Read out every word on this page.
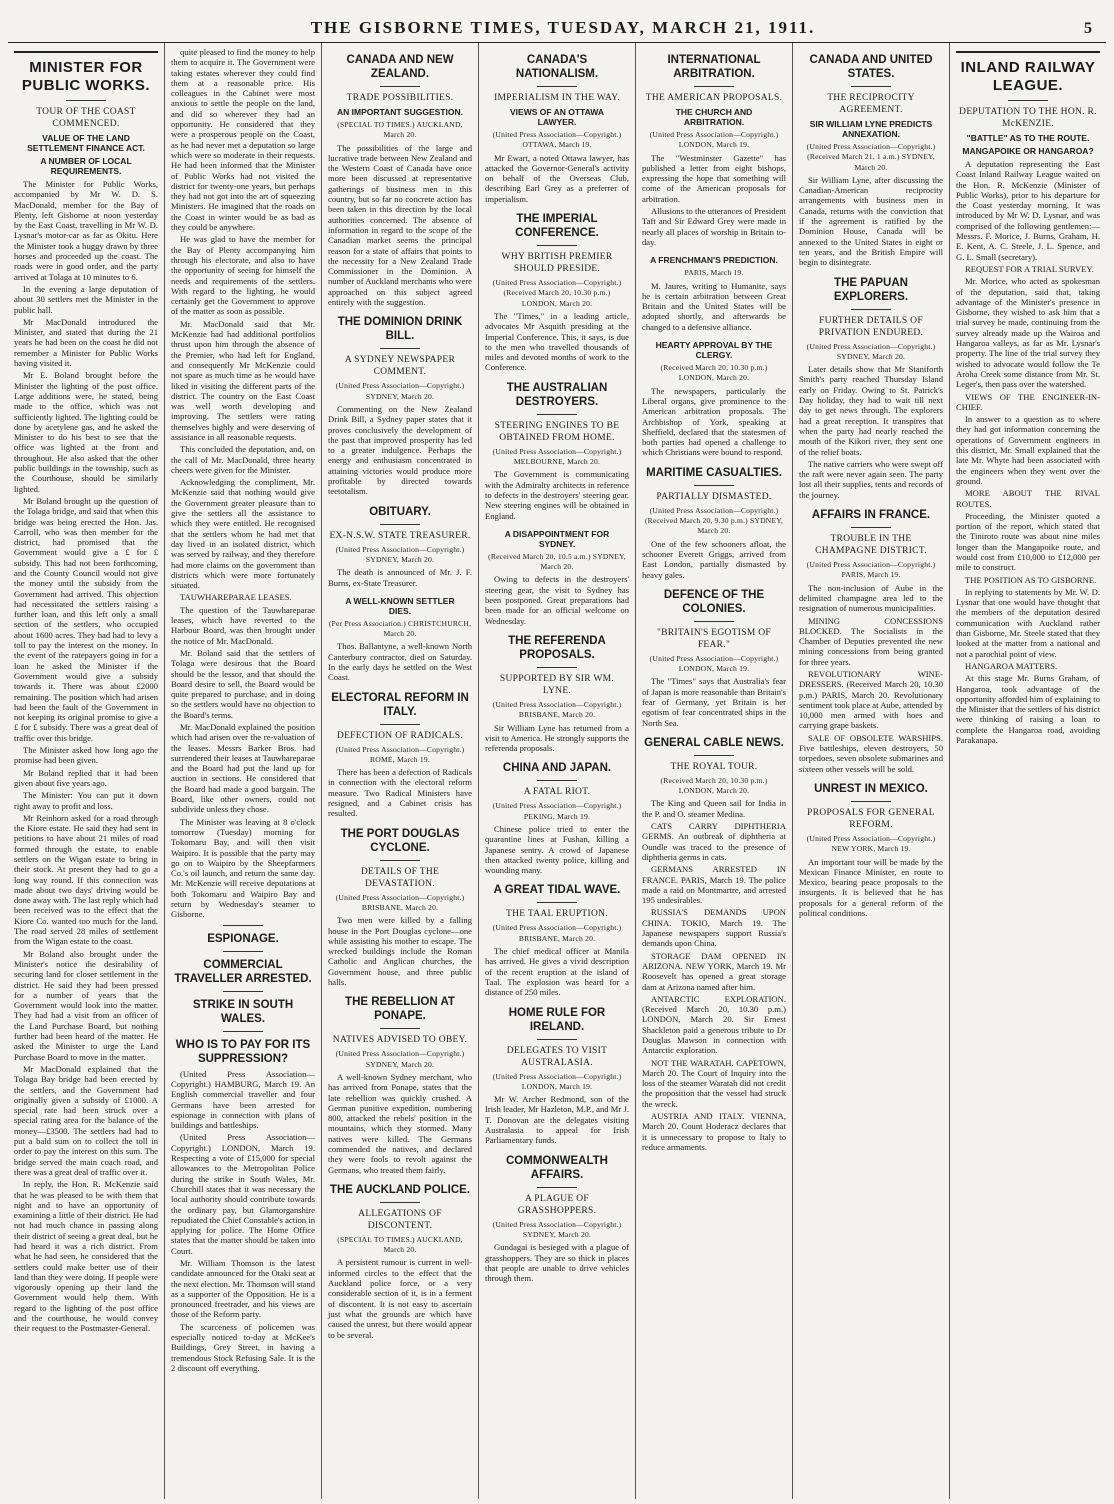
THE GISBORNE TIMES, TUESDAY, MARCH 21, 1911.	5
MINISTER FOR PUBLIC WORKS.
TOUR OF THE COAST COMMENCED.
VALUE OF THE LAND SETTLEMENT FINANCE ACT.
A NUMBER OF LOCAL REQUIREMENTS.

The Minister for Public Works, accompanied by Mr W. D. S. MacDonald, member for the Bay of Plenty, left Gisborne at noon yesterday by the East Coast, travelling in Mr W. D. Lysnar's motor-car as far as Okitu. Here the Minister took a buggy drawn by three horses and proceeded up the coast. The roads were in good order, and the party arrived at Tolaga at 10 minutes to 6.

In the evening a large deputation of about 30 settlers met the Minister in the public hall.

Mr MacDonald introduced the Minister, and stated that during the 21 years he had been on the coast he did not remember a Minister for Public Works having visited it.

Mr E. Boland brought before the Minister the lighting of the post office. Large additions were, he stated, being made to the office, which was not sufficiently lighted. The lighting could be done by acetylene gas, and he asked the Minister to do his best to see that the office was lighted at the front and throughout. He also asked that the other public buildings in the township, such as the Courthouse, should be similarly lighted.

Mr Boland brought up the question of the Tolaga bridge, and said that when this bridge was being erected the Hon. Jas. Carroll, who was then member for the district, had promised that the Government would give a £ for £ subsidy. This had not been forthcoming, and the County Council would not give the money until the subsidy from the Government had arrived. This objection had necessitated the settlers raising a further loan, and this left only a small section of the settlers, who occupied about 1600 acres. They had had to levy a toll to pay the interest on the money. In the event of the ratepayers going in for a loan he asked the Minister if the Government would give a subsidy towards it. There was about £2000 remaining. The position which had arisen had been the fault of the Government in not keeping its original promise to give a £ for £ subsidy. There was a great deal of traffic over this bridge.

The Minister asked how long ago the promise had been given.

Mr Boland replied that it had been given about five years ago.

The Minister: You can put it down right away to profit and loss.

Mr Reinhorn asked for a road through the Kiore estate. He said they had sent in petitions to have about 21 miles of road formed through the estate, to enable settlers on the Wigan estate to bring in their stock. At present they had to go a long way round. If this connection was made about two days' driving would be done away with. The last reply which had been received was to the effect that the Kiore Co. wanted too much for the land. The road served 28 miles of settlement from the Wigan estate to the coast.

Mr Boland also brought under the Minister's notice the desirability of securing land for closer settlement in the district. He said they had been pressed for a number of years that the Government would look into the matter. They had had a visit from an officer of the Land Purchase Board, but nothing further had been heard of the matter. He asked the Minister to urge the Land Purchase Board to move in the matter.

Mr MacDonald explained that the Tolaga Bay bridge had been erected by the settlers, and the Government had originally given a subsidy of £1000. A special rate had been struck over a special rating area for the balance of the money—£3500. The settlers had had to put a bald sum on to collect the toll in order to pay the interest on this sum. The bridge served the main coach road, and there was a great deal of traffic over it.

In reply, the Hon. R. McKenzie said that he was pleased to be with them that night and to have an opportunity of examining a little of their district. He had not had much chance in passing along their district of seeing a great deal, but he had heard it was a rich district. From what he had seen, he considered that the settlers could make better use of their land than they were doing. If people were vigorously opening up their land the Government would help them. With regard to the lighting of the post office and the courthouse, he would convey their request to the Postmaster-General.

quite pleased to find the money to help them to acquire it. The Government were taking estates wherever they could find them at a reasonable price. His colleagues in the Cabinet were most anxious to settle the people on the land, and did so wherever they had an opportunity. He considered that they were a prosperous people on the Coast, as he had never met a deputation so large which were so moderate in their requests. He had been informed that the Minister of Public Works had not visited the district for twenty-one years, but perhaps they had not got into the art of squeezing Ministers. He imagined that the roads on the Coast in winter would be as bad as they could be anywhere.

He was glad to have the member for the Bay of Plenty accompanying him through his electorate, and also to have the opportunity of seeing for himself the needs and requirements of the settlers. With regard to the lighting, he would certainly get the Government to approve of the matter as soon as possible.

Mr. MacDonald said that Mr. McKenzie had had additional portfolios thrust upon him through the absence of the Premier, who had left for England, and consequently Mr McKenzie could not spare as much time as he would have liked in visiting the different parts of the district. The country on the East Coast was well worth developing and improving. The settlers were rating themselves highly and were deserving of assistance in all reasonable requests.

This concluded the deputation, and, on the call of Mr. MacDonald, three hearty cheers were given for the Minister.

Acknowledging the compliment, Mr. McKenzie said that nothing would give the Government greater pleasure than to give the settlers all the assistance to which they were entitled. He recognised that the settlers whom he had met that day lived in an isolated district, which was served by railway, and they therefore had more claims on the government than districts which were more fortunately situated.

TAUWHAREPARAE LEASES.

The question of the Tauwhareparae leases, which have reverted to the Harbour Board, was then brought under the notice of Mr. MacDonald.

Mr. Boland said that the settlers of Tolaga were desirous that the Board should be the lessor, and that should the Board desire to sell, the Board would be quite prepared to purchase, and in doing so the settlers would have no objection to the Board's terms.

Mr. MacDonald explained the position which had arisen over the re-valuation of the leases. Messrs Barker Bros. had surrendered their leases at Tauwhareparae and the Board had put the land up for auction in sections. He considered that the Board had made a good bargain. The Board, like other owners, could not subdivide unless they chose.

The Minister was leaving at 8 o'clock tomorrow (Tuesday) morning for Tokomaru Bay, and will then visit Waipiro. It is possible that the party may go on to Waipiro by the Sheepfarmers Co.'s oil launch, and return the same day. Mr. McKenzie will receive deputations at both Tokomaru and Waipiro Bay and return by Wednesday's steamer to Gisborne.

ESPIONAGE.
COMMERCIAL TRAVELLER ARRESTED.
STRIKE IN SOUTH WALES.
WHO IS TO PAY FOR ITS SUPPRESSION?

(United Press Association—Copyright.) HAMBURG, March 19. An English commercial traveller and four Germans have been arrested for espionage in connection with plans of buildings and battleships.

(United Press Association—Copyright.) LONDON, March 19. Respecting a vote of £15,000 for special allowances to the Metropolitan Police during the strike in South Wales, Mr. Churchill states that it was necessary the local authority should contribute towards the ordinary pay, but Glamorganshire repudiated the Chief Constable's action in applying for police. The Home Office states that the matter should be taken into Court.

Mr. William Thomson is the latest candidate announced for the Otaki seat at the next election. Mr. Thomson will stand as a supporter of the Opposition. He is a pronounced freetrader, and his views are those of the Reform party.

The scarceness of policemen was especially noticed to-day at McKee's Buildings, Grey Street, in having a tremendous Stock Refusing Sale. It is the 2 discount off everything.

CANADA AND NEW ZEALAND.
TRADE POSSIBILITIES.
AN IMPORTANT SUGGESTION.
(SPECIAL TO TIMES.) AUCKLAND, March 20.

The possibilities of the large and lucrative trade between New Zealand and the Western Coast of Canada have once more been discussed at representative gatherings of business men in this country, but so far no concrete action has been taken in this direction by the local authorities concerned. The absence of information in regard to the scope of the Canadian market seems the principal reason for a state of affairs that points to the necessity for a New Zealand Trade Commissioner in the Dominion. A number of Auckland merchants who were approached on this subject agreed entirely with the suggestion.

THE DOMINION DRINK BILL.
A SYDNEY NEWSPAPER COMMENT.
(United Press Association—Copyright.) SYDNEY, March 20.

Commenting on the New Zealand Drink Bill, a Sydney paper states that it proves conclusively the development of the past that improved prosperity has led to a greater indulgence. Perhaps the energy and enthusiasm concentrated in attaining victories would produce more profitable by directed towards teetotalism.

OBITUARY.
EX-N.S.W. STATE TREASURER.
(United Press Association—Copyright.) SYDNEY, March 20.

The death is announced of Mr. J. F. Burns, ex-State Treasurer.

A WELL-KNOWN SETTLER DIES.
(Per Press Association.) CHRISTCHURCH, March 20.

Thos. Ballantyne, a well-known North Canterbury contractor, died on Saturday. In the early days he settled on the West Coast.

ELECTORAL REFORM IN ITALY.
DEFECTION OF RADICALS.
(United Press Association—Copyright.) ROME, March 19.

There has been a defection of Radicals in connection with the electoral reform measure. Two Radical Ministers have resigned, and a Cabinet crisis has resulted.

THE PORT DOUGLAS CYCLONE.
DETAILS OF THE DEVASTATION.
(United Press Association—Copyright.) BRISBANE, March 20.

Two men were killed by a falling house in the Port Douglas cyclone—one while assisting his mother to escape. The wrecked buildings include the Roman Catholic and Anglican churches, the Government house, and three public halls.

THE REBELLION AT PONAPE.
NATIVES ADVISED TO OBEY.
(United Press Association—Copyright.) SYDNEY, March 20.

A well-known Sydney merchant, who has arrived from Ponape, states that the late rebellion was quickly crushed. A German punitive expedition, numbering 800, attacked the rebels' position in the mountains, which they stormed. Many natives were killed. The Germans commended the natives, and declared they were fools to revolt against the Germans, who treated them fairly.

THE AUCKLAND POLICE.
ALLEGATIONS OF DISCONTENT.
(SPECIAL TO TIMES.) AUCKLAND, March 20.

A persistent rumour is current in well-informed circles to the effect that the Auckland police force, or a very considerable section of it, is in a ferment of discontent. It is not easy to ascertain just what the grounds are which have caused the unrest, but there would appear to be several.

CANADA'S NATIONALISM.
IMPERIALISM IN THE WAY.
VIEWS OF AN OTTAWA LAWYER.
(United Press Association—Copyright.) OTTAWA, March 19.

Mr Ewart, a noted Ottawa lawyer, has attacked the Governor-General's activity on behalf of the Overseas Club, describing Earl Grey as a preferrer of imperialism.

THE IMPERIAL CONFERENCE.
WHY BRITISH PREMIER SHOULD PRESIDE.
(United Press Association—Copyright.) (Received March 20, 10.30 p.m.) LONDON, March 20.

The "Times," in a leading article, advocates Mr Asquith presiding at the Imperial Conference. This, it says, is due to the men who travelled thousands of miles and devoted months of work to the Conference.

THE AUSTRALIAN DESTROYERS.
STEERING ENGINES TO BE OBTAINED FROM HOME.
(United Press Association—Copyright.) MELBOURNE, March 20.

The Government is communicating with the Admiralty architects in reference to defects in the destroyers' steering gear. New steering engines will be obtained in England.

A DISAPPOINTMENT FOR SYDNEY.
(Received March 20, 10.5 a.m.) SYDNEY, March 20.

Owing to defects in the destroyers' steering gear, the visit to Sydney has been postponed. Great preparations had been made for an official welcome on Wednesday.

THE REFERENDA PROPOSALS.
SUPPORTED BY SIR WM. LYNE.
(United Press Association—Copyright.) BRISBANE, March 20.

Sir William Lyne has returned from a visit to America. He strongly supports the referenda proposals.

CHINA AND JAPAN.
A FATAL RIOT.
(United Press Association—Copyright.) PEKING, March 19.

Chinese police tried to enter the quarantine lines at Fushan, killing a Japanese sentry. A crowd of Japanese then attacked twenty police, killing and wounding many.

A GREAT TIDAL WAVE.
THE TAAL ERUPTION.
(United Press Association—Copyright.) BRISBANE, March 20.

The chief medical officer at Manila has arrived. He gives a vivid description of the recent eruption at the island of Taal. The explosion was heard for a distance of 250 miles.

HOME RULE FOR IRELAND.
DELEGATES TO VISIT AUSTRALASIA.
(United Press Association—Copyright.) LONDON, March 19.

Mr W. Archer Redmond, son of the Irish leader, Mr Hazleton, M.P., and Mr J. T. Donovan are the delegates visiting Australasia to appeal for Irish Parliamentary funds.

COMMONWEALTH AFFAIRS.
A PLAGUE OF GRASSHOPPERS.
(United Press Association—Copyright.) SYDNEY, March 20.

Gundagai is besieged with a plague of grasshoppers. They are so thick in places that people are unable to drive vehicles through them.

INTERNATIONAL ARBITRATION.
THE AMERICAN PROPOSALS.
THE CHURCH AND ARBITRATION.
(United Press Association—Copyright.) LONDON, March 19.

The "Westminster Gazette" has published a letter from eight bishops, expressing the hope that something will come of the American proposals for arbitration.

Allusions to the utterances of President Taft and Sir Edward Grey were made in nearly all places of worship in Britain to-day.

A FRENCHMAN'S PREDICTION.
PARIS, March 19.

M. Jaures, writing to Humanite, says he is certain arbitration between Great Britain and the United States will be adopted shortly, and afterwards be changed to a defensive alliance.

HEARTY APPROVAL BY THE CLERGY.
(Received March 20, 10.30 p.m.) LONDON, March 20.

The newspapers, particularly the Liberal organs, give prominence to the American arbitration proposals. The Archbishop of York, speaking at Sheffield, declared that the statesmen of both parties had opened a challenge to which Christians were bound to respond.

MARITIME CASUALTIES.
PARTIALLY DISMASTED.
(United Press Association—Copyright.) (Received March 20, 9.30 p.m.) SYDNEY, March 20.

One of the few schooners afloat, the schooner Everett Griggs, arrived from East London, partially dismasted by heavy gales.

DEFENCE OF THE COLONIES.
"BRITAIN'S EGOTISM OF FEAR."
(United Press Association—Copyright.) LONDON, March 19.

The "Times" says that Australia's fear of Japan is more reasonable than Britain's fear of Germany, yet Britain is her egotism of fear concentrated ships in the North Sea.

GENERAL CABLE NEWS.
THE ROYAL TOUR.
(Received March 20, 10.30 p.m.) LONDON, March 20.

The King and Queen sail for India in the P. and O. steamer Medina.

CATS CARRY DIPHTHERIA GERMS. An outbreak of diphtheria at Oundle was traced to the presence of diphtheria germs in cats.

GERMANS ARRESTED IN FRANCE. PARIS, March 19. The police made a raid on Montmartre, and arrested 195 undesirables.

RUSSIA'S DEMANDS UPON CHINA. TOKIO, March 19. The Japanese newspapers support Russia's demands upon China.

STORAGE DAM OPENED IN ARIZONA. NEW YORK, March 19. Mr Roosevelt has opened a great storage dam at Arizona named after him.

ANTARCTIC EXPLORATION. (Received March 20, 10.30 p.m.) LONDON, March 20. Sir Ernest Shackleton paid a generous tribute to Dr Douglas Mawson in connection with Antarctic exploration.

NOT THE WARATAH. CAPETOWN, March 20. The Court of Inquiry into the loss of the steamer Waratah did not credit the proposition that the vessel had struck the wreck.

AUSTRIA AND ITALY. VIENNA, March 20. Count Hoderacz declares that it is unnecessary to propose to Italy to reduce armaments.

CANADA AND UNITED STATES.
THE RECIPROCITY AGREEMENT.
SIR WILLIAM LYNE PREDICTS ANNEXATION.
(United Press Association—Copyright.) (Received March 21, 1 a.m.) SYDNEY, March 20.

Sir William Lyne, after discussing the Canadian-American reciprocity arrangements with business men in Canada, returns with the conviction that if the agreement is ratified by the Dominion House, Canada will be annexed to the United States in eight or ten years, and the British Empire will begin to disintegrate.

THE PAPUAN EXPLORERS.
FURTHER DETAILS OF PRIVATION ENDURED.
(United Press Association—Copyright.) SYDNEY, March 20.

Later details show that Mr Staniforth Smith's party reached Thursday Island early on Friday. Owing to St. Patrick's Day holiday, they had to wait till next day to get news through. The explorers had a great reception. It transpires that when the party had nearly reached the mouth of the Kikori river, they sent one of the relief boats.

The native carriers who were swept off the raft were never again seen. The party lost all their supplies, tents and records of the journey.

AFFAIRS IN FRANCE.
TROUBLE IN THE CHAMPAGNE DISTRICT.
(United Press Association—Copyright.) PARIS, March 19.

The non-inclusion of Aube in the delimited champagne area led to the resignation of numerous municipalities.

MINING CONCESSIONS BLOCKED. The Socialists in the Chamber of Deputies prevented the new mining concessions from being granted for three years.

REVOLUTIONARY WINE-DRESSERS. (Received March 20, 10.30 p.m.) PARIS, March 20. Revolutionary sentiment took place at Aube, attended by 10,000 men armed with hoes and carrying grape baskets.

SALE OF OBSOLETE WARSHIPS. Five battleships, eleven destroyers, 50 torpedoes, seven obsolete submarines and sixteen other vessels will be sold.

UNREST IN MEXICO.
PROPOSALS FOR GENERAL REFORM.
(United Press Association—Copyright.) NEW YORK, March 19.

An important tour will be made by the Mexican Finance Minister, en route to Mexico, bearing peace proposals to the insurgents. It is believed that he has proposals for a general reform of the political conditions.

INLAND RAILWAY LEAGUE.
DEPUTATION TO THE HON. R. McKENZIE.
"BATTLE" AS TO THE ROUTE.
MANGAPOIKE OR HANGAROA?

A deputation representing the East Coast Inland Railway League waited on the Hon. R. McKenzie (Minister of Public Works), prior to his departure for the Coast yesterday morning. It was introduced by Mr W. D. Lysnar, and was comprised of the following gentlemen:—Messrs. F. Morice, J. Burns, Graham, H. E. Kent, A. C. Steele, J. L. Spence, and G. L. Small (secretary).

REQUEST FOR A TRIAL SURVEY.

Mr. Morice, who acted as spokesman of the deputation, said that, taking advantage of the Minister's presence in Gisborne, they wished to ask him that a trial survey be made, continuing from the survey already made up the Wairoa and Hangaroa valleys, as far as Mr. Lysnar's property. The line of the trial survey they wished to advocate would follow the Te Aroha Creek some distance from Mr. St. Leger's, then pass over the watershed.

VIEWS OF THE ENGINEER-IN-CHIEF.

In answer to a question as to where they had got information concerning the operations of Government engineers in this district, Mr. Small explained that the late Mr. Whyte had been associated with the engineers when they went over the ground.

MORE ABOUT THE RIVAL ROUTES.

Proceeding, the Minister quoted a portion of the report, which stated that the Tinirotо route was about nine miles longer than the Mangapoike route, and would cost from £10,000 to £12,000 per mile to construct.

THE POSITION AS TO GISBORNE.

In replying to statements by Mr. W. D. Lysnar that one would have thought that the members of the deputation desired communication with Auckland rather than Gisborne, Mr. Steele stated that they looked at the matter from a national and not a parochial point of view.

HANGAROA MATTERS.

At this stage Mr. Burns Graham, of Hangaroa, took advantage of the opportunity afforded him of explaining to the Minister that the settlers of his district were thinking of raising a loan to complete the Hangaroa road, avoiding Parakanapa.
